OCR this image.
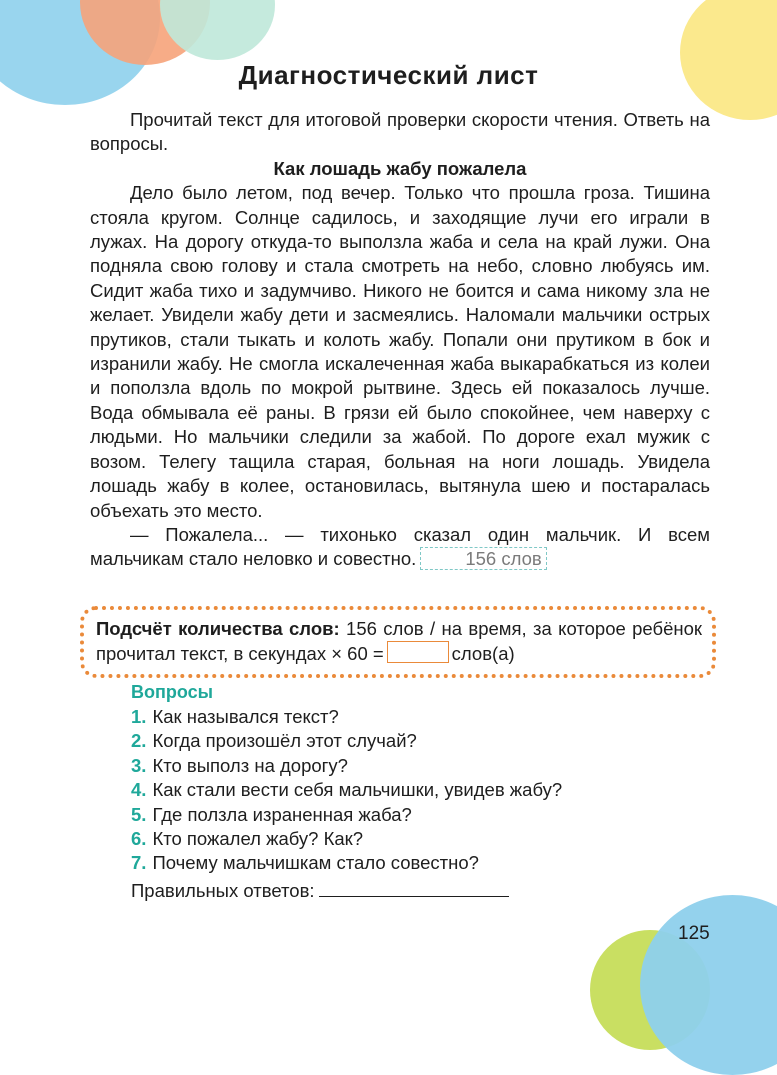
Диагностический лист

Прочитай текст для итоговой проверки скорости чтения. Ответь на вопросы.

Как лошадь жабу пожалела

Дело было летом, под вечер. Только что прошла гроза. Тишина стояла кругом. Солнце садилось, и заходящие лучи его играли в лужах. На дорогу откуда-то выползла жаба и села на край лужи. Она подняла свою голову и стала смотреть на небо, словно любуясь им. Сидит жаба тихо и задумчиво. Никого не боится и сама никому зла не желает. Увидели жабу дети и засмеялись. Наломали мальчики острых прутиков, стали тыкать и колоть жабу. Попали они прутиком в бок и изранили жабу. Не смогла искалеченная жаба выкарабкаться из колеи и поползла вдоль по мокрой рытвине. Здесь ей показалось лучше. Вода обмывала её раны. В грязи ей было спокойнее, чем наверху с людьми. Но мальчики следили за жабой. По дороге ехал мужик с возом. Телегу тащила старая, больная на ноги лошадь. Увидела лошадь жабу в колее, остановилась, вытянула шею и постаралась объехать это место.

— Пожалела... — тихонько сказал один мальчик. И всем мальчикам стало неловко и совестно.	156 слов

Подсчёт количества слов: 156 слов / на время, за которое ребёнок прочитал текст, в секундах × 60 =	слов(а)
Вопросы
1. Как назывался текст?
2. Когда произошёл этот случай?
3. Кто выполз на дорогу?
4. Как стали вести себя мальчишки, увидев жабу?
5. Где ползла израненная жаба?
6. Кто пожалел жабу? Как?
7. Почему мальчишкам стало совестно?
Правильных ответов:
125
